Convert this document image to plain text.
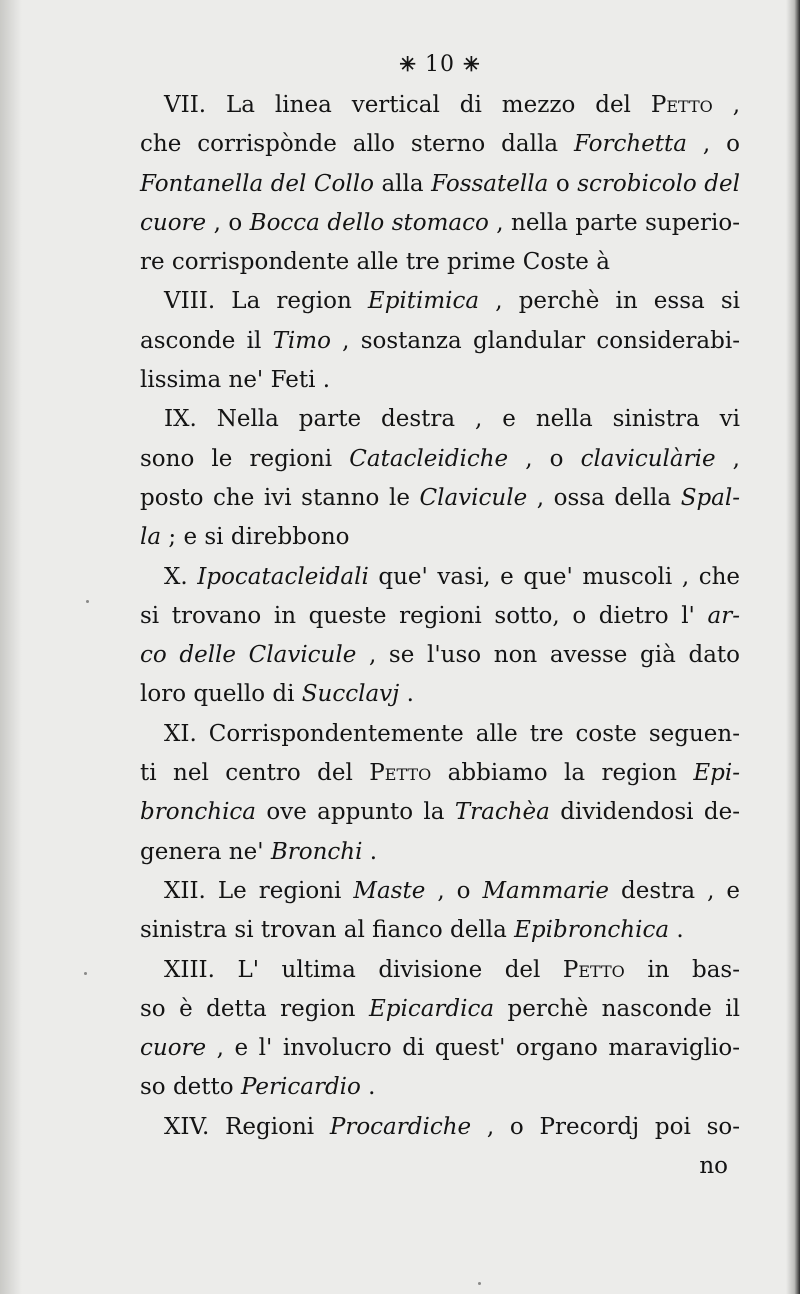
✳ 10 ✳
VII. La linea vertical di mezzo del Petto ,
che corrispònde allo sterno dalla Forchetta , o
Fontanella del Collo alla Fossatella o scrobicolo del
cuore , o Bocca dello stomaco , nella parte superio-
re corrispondente alle tre prime Coste à
VIII. La region Epitimica , perchè in essa si
asconde il Timo , sostanza glandular considerabi-
lissima ne' Feti .
IX. Nella parte destra , e nella sinistra vi
sono le regioni Catacleidiche , o claviculàrie ,
posto che ivi stanno le Clavicule , ossa della Spal-
la ; e si direbbono
X. Ipocatacleidali que' vasi, e que' muscoli , che
si trovano in queste regioni sotto, o dietro l' ar-
co delle Clavicule , se l'uso non avesse già dato
loro quello di Succlavj .
XI. Corrispondentemente alle tre coste seguen-
ti nel centro del Petto abbiamo la region Epi-
bronchica ove appunto la Trachèa dividendosi de-
genera ne' Bronchi .
XII. Le regioni Maste , o Mammarie destra , e
sinistra si trovan al fianco della Epibronchica .
XIII. L' ultima divisione del Petto in bas-
so è detta region Epicardica perchè nasconde il
cuore , e l' involucro di quest' organo maraviglio-
so detto Pericardio .
XIV. Regioni Procardiche , o Precordj poi so-
no
